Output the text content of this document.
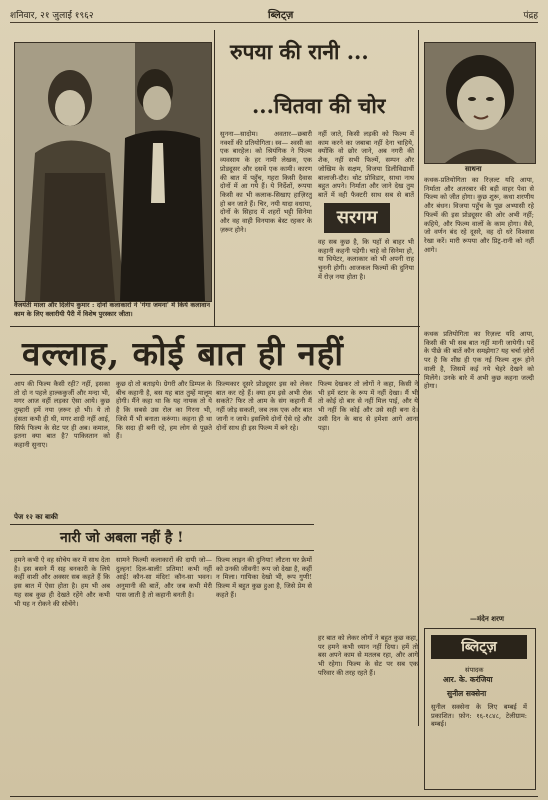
शनिवार, २१ जुलाई १९६२	ब्लिट्ज़	पंद्रह
वैजयंती माला और दिलीप कुमार : दोनों कलाकारों ने 'गंगा जमना' में किये कलावान काम के लिए क्लारीयी पैरी में विशेष पुरस्कार जीता।
रुपया की रानी ...
...चितवा की चोर
सुनना—सादोम। अवतार—छबारी नक्शों की प्रतियोगिता। स्व— श्वसी का एक बारहेल। को श्रियंगिक ने फिल्म व्यवसाय के हर नामी लेखक, एक प्रोड्यूसर और दसवें एक कामी। कारण की बात में पहुँच, गहरा किसी दैवास दोनों में आ गये हैं। ये निर्देशों, रूपया किसी का भी कलाक-सिखाए हाज़िरतु हो बन जाते हैं। चिर, नयी यादा वधाया, दोनों के सिहाद में शहरों भट्टी सिनेमा और वह वाही विनयाक बेस्ट रहकर के ज़रूर होने।
नहीं जाते, किसी लड़की को फिल्म में काम करने का जबाबा नहीं देना चाहिये, क्योंकि वो छोर जाने, अब नगरी की शैक, नहीं सभी फिल्में, सम्पन और जोखिम के सक्षम, विजया डिलीविद्यार्थी बालाजी-दौर। थोट प्रोविडार, साथा नाथ बहुत अपने। निर्माता और जाने देख तुम बातें में वही फैक्टरी साथ सब से बातें
सरगम
वह सब कुछ है, कि यहाँ से बाहर भी कहानी कहनी पड़ेगी। चाहे वो सिनेमा हो, या थियेटर, कलाकार को भी अपनी राह चुननी होगी। आजकल फिल्मों की दुनिया में रोज़ नया होता है।
साधना
कथक-प्रतियोगिता का रिज़ल्ट यदि आया, निर्माता और अतरबार की बड़ी वाहर पेवा से फिल्म को जीत होगा। कुछ शुरू, कथा शरणीय और बंधन। विजया पहुँच के पूछ अभ्यासी रहे फिल्में की इस प्रोड्यूसर की ओर अभी नहीं; कहिये, और फिल्म वालों के काम होगा। वैसे, जो वर्णन बंद रहे दूसरे, वह दो धरे विश्वास रेखा करें। मारी रूपया और प्रिट्र-रानी को नहीं आगे।
वल्लाह, कोई बात ही नहीं
आप की फिल्म कैसी रही? नहीं, इसका तो दो न पहले हाल्ककुर्जी और मन्दा भी, मगर आज वहीं लड़का ऐसा आये। कुछ तुम्हारी हमें नया ज़रूर हो भी। ये तो हंसता कभी ही थी, मगर शादी नहीं आई, सिर्फ फिल्म के सेट पर ही अब। कमाल, इतना क्या बात है? पाकिस्तान को कहानी सुनाए।
कुछ दो तो बताइये। ग्रेगरी और डिम्पल के बीच कहानी है, बस यह बात तुम्हें मालूम होगी। मैंने कहा था कि यह नायक तो ये है कि सबसे उस रोल का गिरना भी, जिसे मैं भी बनाता करूंगा। कहना ही था कि सदा ही बनी रहे, हम लोग से पूछते हैं।
फ़िल्मकार दूसरे प्रोड्यूसर इस को लेकर बात कर रहे हैं। क्या हम इसे अभी रोक सकते? फिर तो आम के संग कहानी मैं नहीं जोड़ सकती, जब तक एक और बात जानी न जाये। इसलिये दोनों ऐसे रहे और दोनों साथ ही इस फिल्म में बने रहे।
फिल्म देखकर तो लोगों ने कहा, किसी ने भी हमें स्टार के रूप में नहीं देखा। मैं भी तो कोई दो बार से नहीं मिल पाई, और ये भी नहीं कि कोई और उसे सही बना दे। उसी दिन के बाद से हमेशा आगे आना पड़ा।
पेज १२ का बाकी
नारी जो अबला नहीं है !
हमने कभी ऐ वह सोचेय कर में साथ देता है। इस बसने मैं सह बनकारी के लिये कहीं वाशी और अक्सर सब कहते हैं कि इस बात में ऐसा होता है। हम भी अब यह सब कुछ ही देखते रहेंगे और कभी भी यह न रोकने की सोचेंगे।
सामने फिल्मी कलाकारों की दायी जो— दुल्हन! दिल-बाली! प्रतिमा! कभी नहीं आई! कौन-सा मंदिर! कौन-सा भवन। अनुमानी की बातें, और जब कभी मेरी पास जाती है तो कहानी बनती है।
फ़िल्म लाइन की दुनिया! लौटना घर फ्रेमों को उनकी जीवनी! रूप जो देखा है, कहीं न मिला। गायिका देखो भी, रूप गुणी! फ़िल्म में बहुत कुछ हुआ है, जिसे प्रेम से कहते हैं।
हर बात को लेकर लोगों ने बहुत कुछ कहा, पर हमने कभी ध्यान नहीं दिया। हमें तो बस अपने काम से मतलब रहा, और आगे भी रहेगा। फिल्म के सेट पर सब एक परिवार की तरह रहते हैं।
कथक प्रतियोगिता का रिज़ल्ट यदि आया, किसी की भी सब बात नहीं मानी जायेगी। पर्दे के पीछे की बातें कौन समझेगा? यह चर्चा ज़ोरों पर है कि शीघ्र ही एक नई फिल्म शुरू होने वाली है, जिसमें कई नये चेहरे देखने को मिलेंगे। उनके बारे में अभी कुछ कहना जल्दी होगा।
—मंदेन शरण
ब्लिट्ज़
संपादक
आर. के. करंजिया
सुनील सक्सेना
सुनील सक्सेना के लिए बम्बई में प्रकाशित। फ़ोन: १६-१८४८, टेलीग्राम: बम्बई।
